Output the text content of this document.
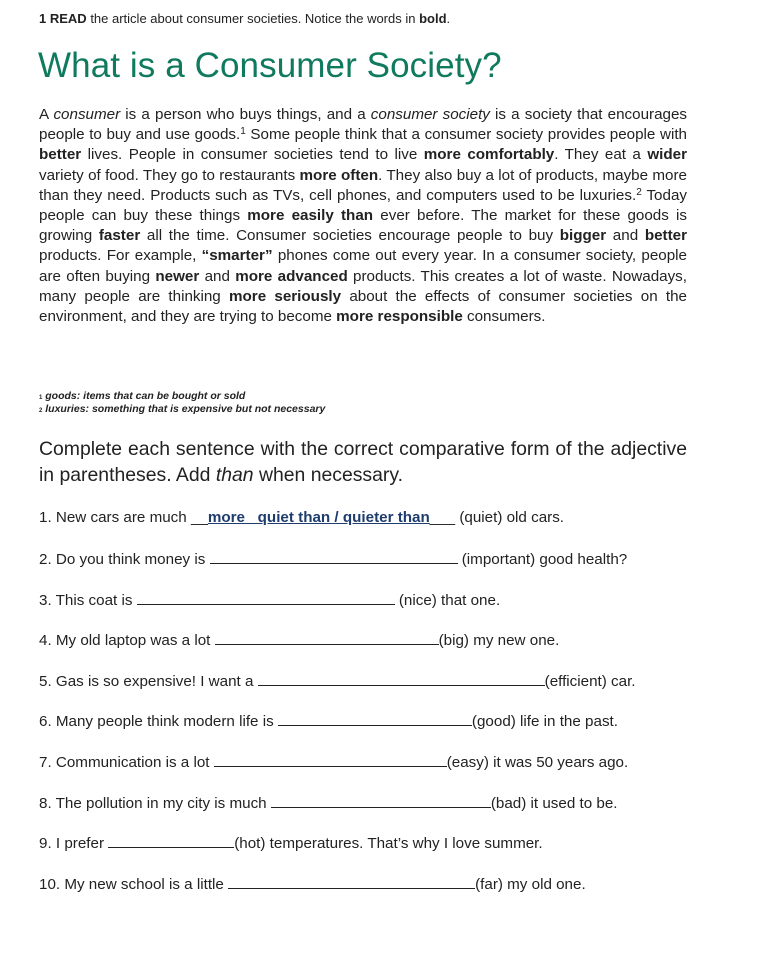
1 READ the article about consumer societies. Notice the words in bold.
What is a Consumer Society?

A consumer is a person who buys things, and a consumer society is a society that encourages people to buy and use goods.$^1$ Some people think that a consumer society provides people with better lives. People in consumer societies tend to live more comfortably. They eat a wider variety of food. They go to restaurants more often. They also buy a lot of products, maybe more than they need. Products such as TVs, cell phones, and computers used to be luxuries.$^2$ Today people can buy these things more easily than ever before. The market for these goods is growing faster all the time. Consumer societies encourage people to buy bigger and better products. For example, “smarter” phones come out every year. In a consumer society, people are often buying newer and more advanced products. This creates a lot of waste. Nowadays, many people are thinking more seriously about the effects of consumer societies on the environment, and they are trying to become more responsible consumers.

1 goods: items that can be bought or sold
2 luxuries: something that is expensive but not necessary

Complete each sentence with the correct comparative form of the adjective in parentheses. Add than when necessary.

1. New cars are much __more _quiet than / quieter than___ (quiet) old cars.
2. Do you think money is	(important) good health?
3. This coat is	(nice) that one.
4. My old laptop was a lot	(big) my new one.
5. Gas is so expensive! I want a	(efficient) car.
6. Many people think modern life is	(good) life in the past.
7. Communication is a lot	(easy) it was 50 years ago.
8. The pollution in my city is much	(bad) it used to be.
9. I prefer	(hot) temperatures. That’s why I love summer.
10. My new school is a little	(far) my old one.
